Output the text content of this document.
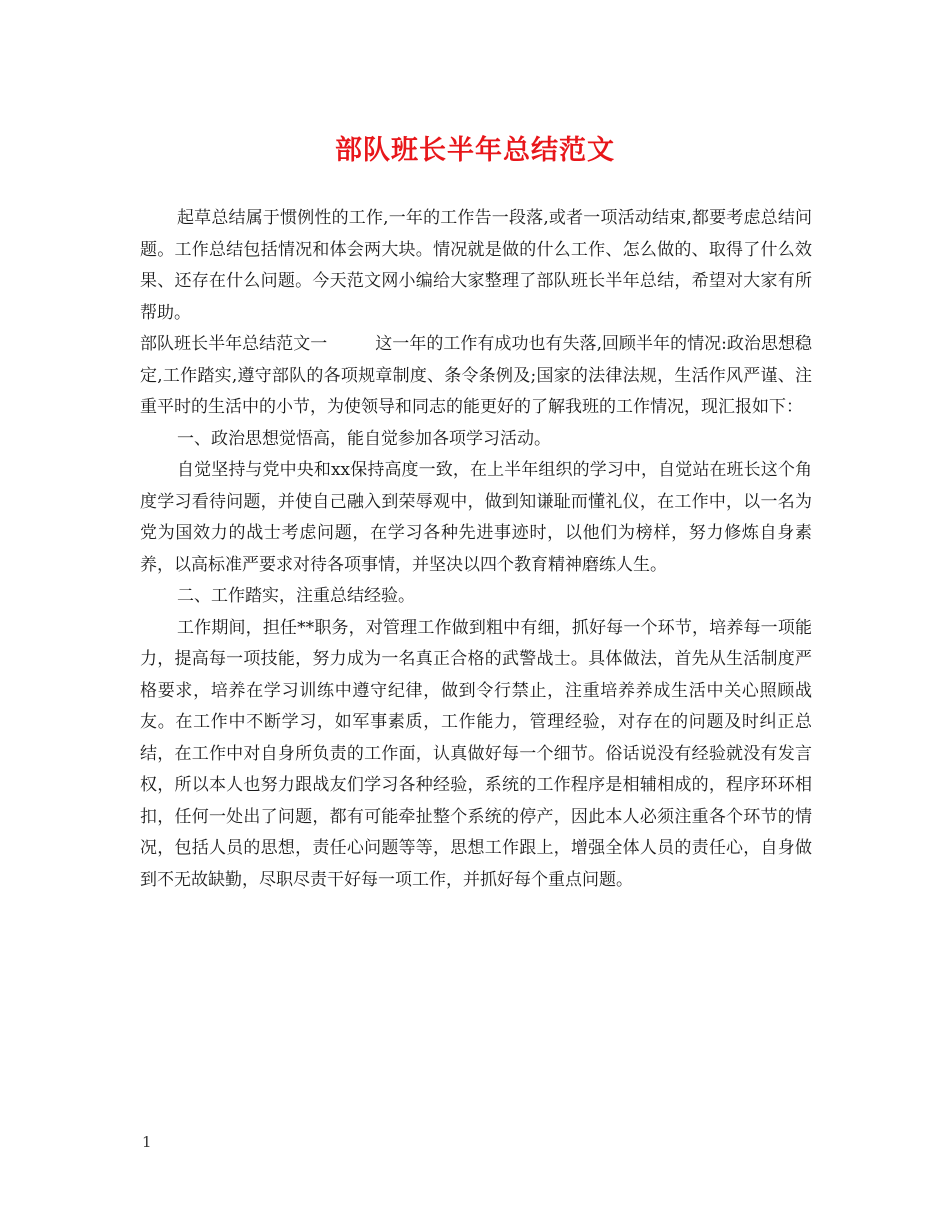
部队班长半年总结范文

起草总结属于惯例性的工作,一年的工作告一段落,或者一项活动结束,都要考虑总结问题。工作总结包括情况和体会两大块。情况就是做的什么工作、怎么做的、取得了什么效果、还存在什么问题。今天范文网小编给大家整理了部队班长半年总结，希望对大家有所帮助。

部队班长半年总结范文一	这一年的工作有成功也有失落,回顾半年的情况:政治思想稳定,工作踏实,遵守部队的各项规章制度、条令条例及;国家的法律法规，生活作风严谨、注重平时的生活中的小节，为使领导和同志的能更好的了解我班的工作情况，现汇报如下：

一、政治思想觉悟高，能自觉参加各项学习活动。

自觉坚持与党中央和xx保持高度一致，在上半年组织的学习中，自觉站在班长这个角度学习看待问题，并使自己融入到荣辱观中，做到知谦耻而懂礼仪，在工作中，以一名为党为国效力的战士考虑问题，在学习各种先进事迹时，以他们为榜样，努力修炼自身素养，以高标准严要求对待各项事情，并坚决以四个教育精神磨练人生。

二、工作踏实，注重总结经验。

工作期间，担任**职务，对管理工作做到粗中有细，抓好每一个环节，培养每一项能力，提高每一项技能，努力成为一名真正合格的武警战士。具体做法，首先从生活制度严格要求，培养在学习训练中遵守纪律，做到令行禁止，注重培养养成生活中关心照顾战友。在工作中不断学习，如军事素质，工作能力，管理经验，对存在的问题及时纠正总结，在工作中对自身所负责的工作面，认真做好每一个细节。俗话说没有经验就没有发言权，所以本人也努力跟战友们学习各种经验，系统的工作程序是相辅相成的，程序环环相扣，任何一处出了问题，都有可能牵扯整个系统的停产，因此本人必须注重各个环节的情况，包括人员的思想，责任心问题等等，思想工作跟上，增强全体人员的责任心，自身做到不无故缺勤，尽职尽责干好每一项工作，并抓好每个重点问题。

1
